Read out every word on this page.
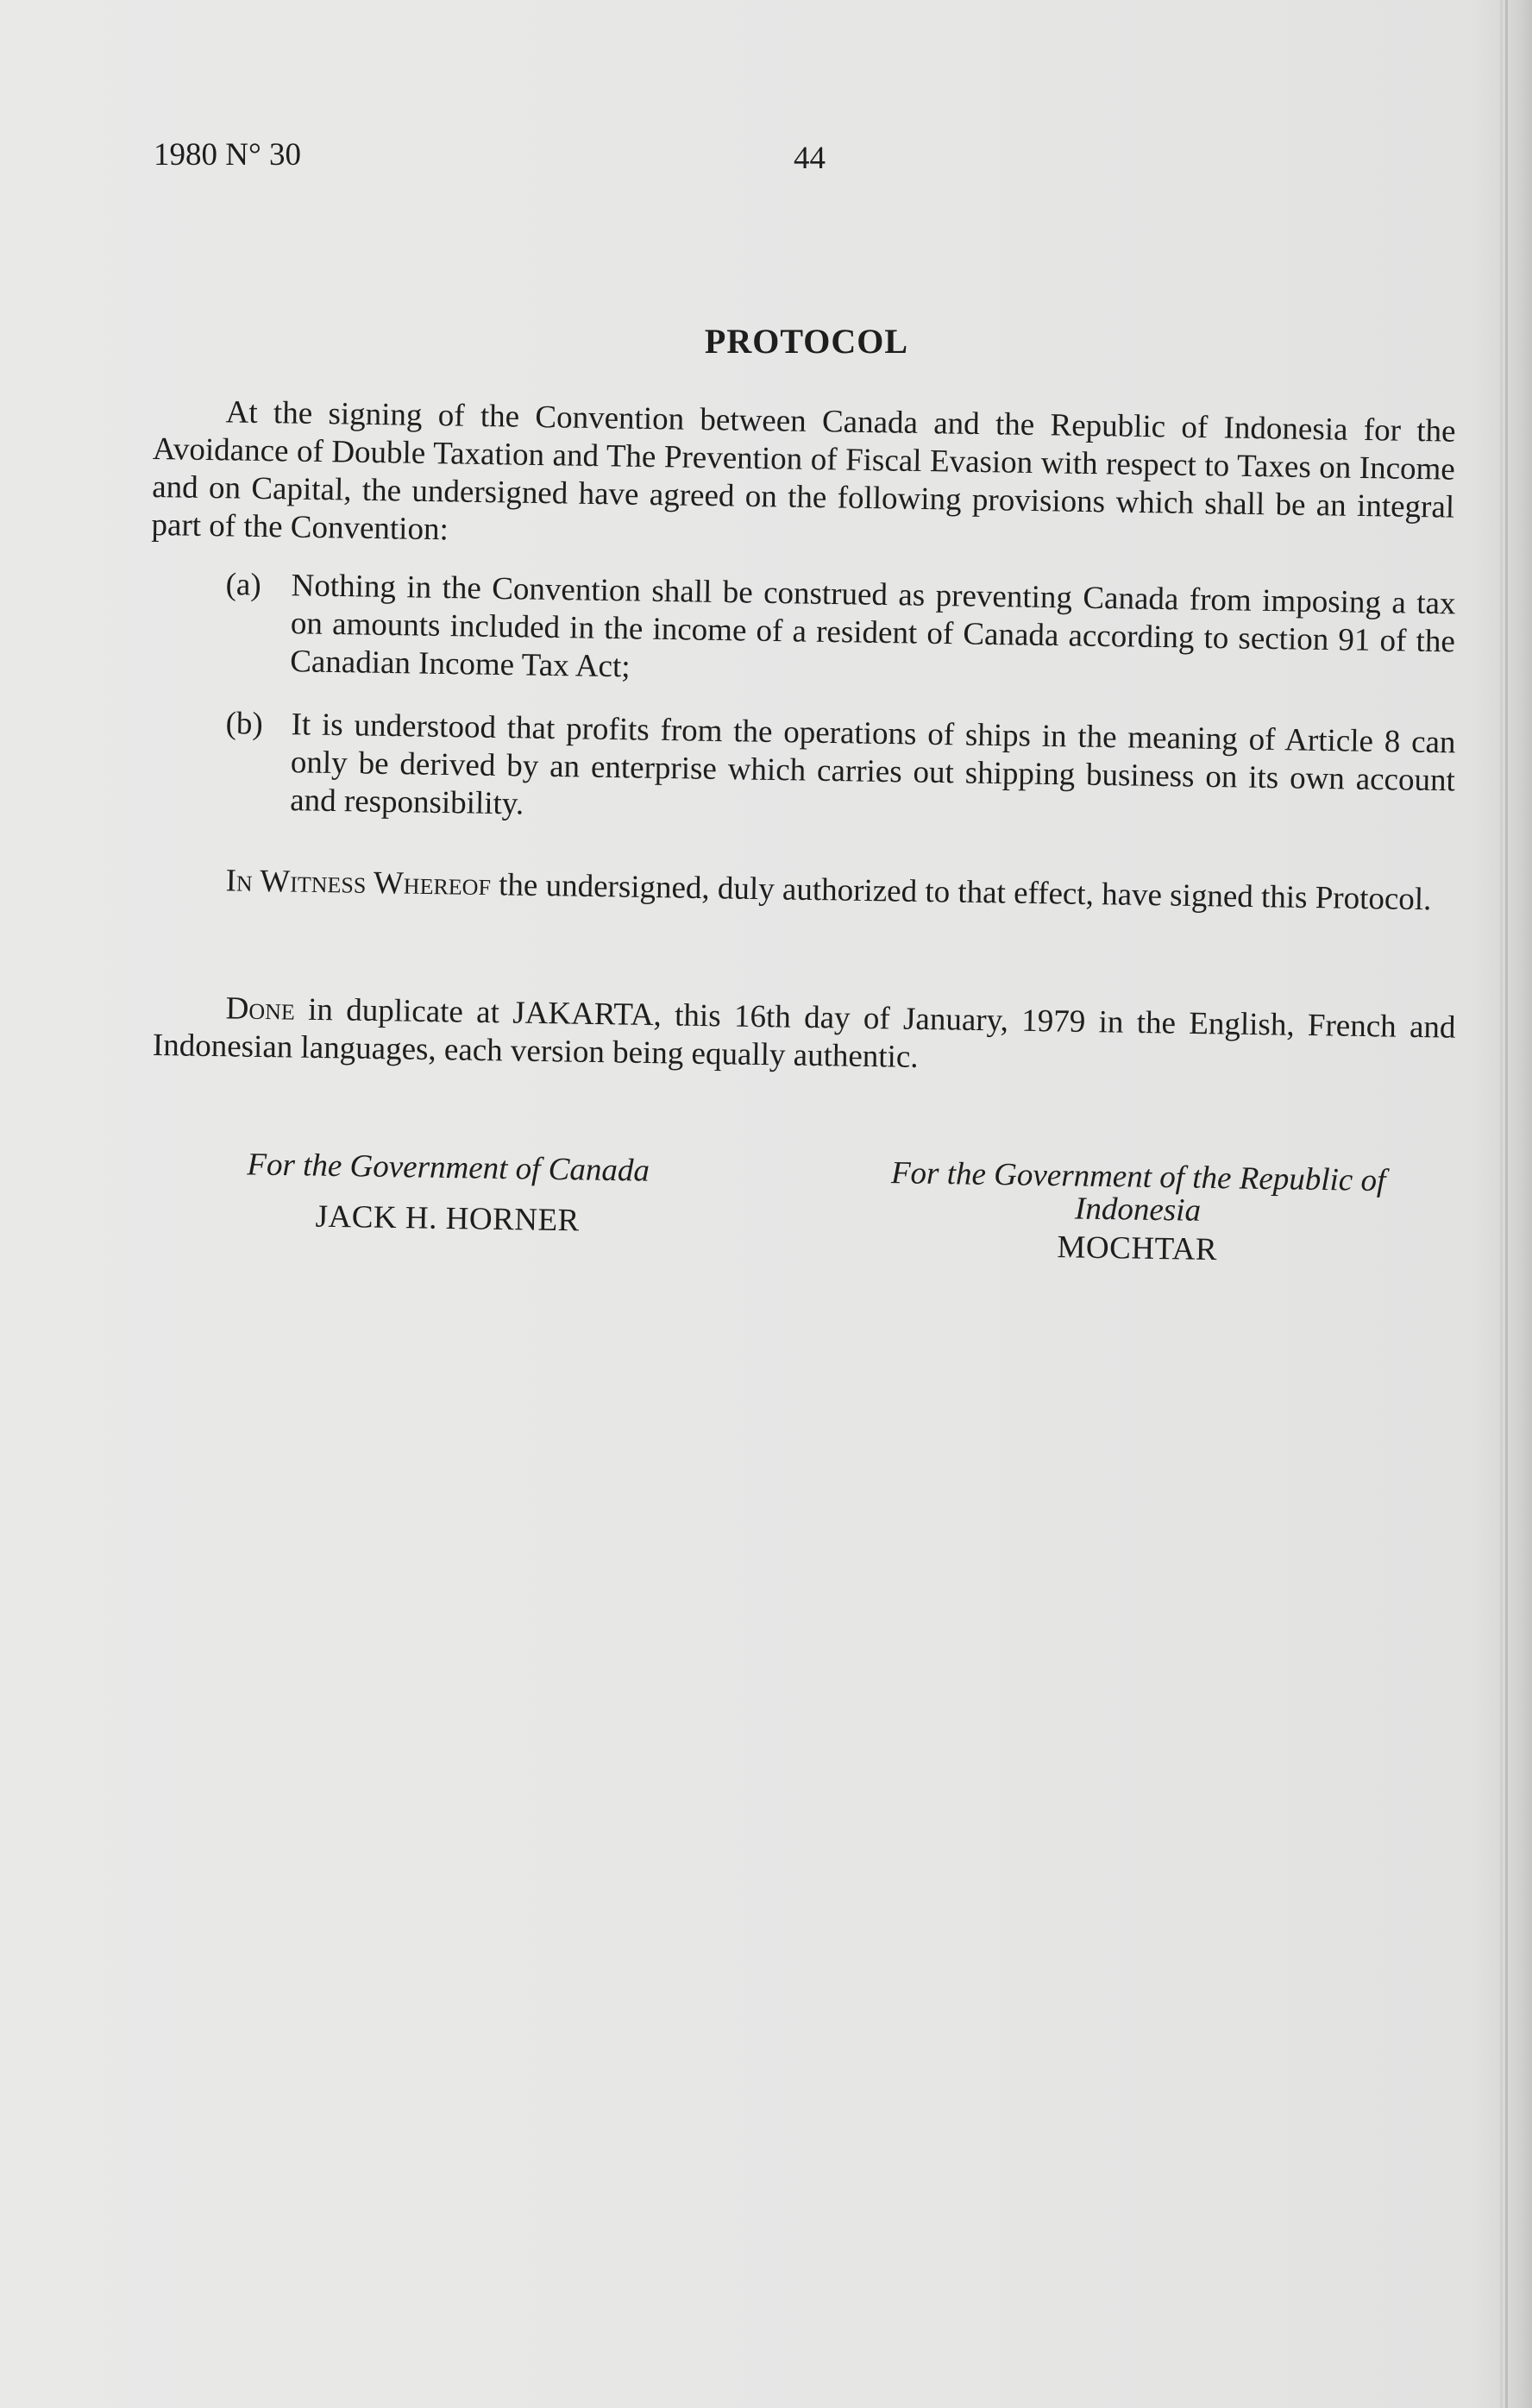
1980 N° 30	44
PROTOCOL
At the signing of the Convention between Canada and the Republic of Indonesia for the Avoidance of Double Taxation and The Prevention of Fiscal Evasion with respect to Taxes on Income and on Capital, the undersigned have agreed on the following provisions which shall be an integral part of the Convention:
(a) Nothing in the Convention shall be construed as preventing Canada from imposing a tax on amounts included in the income of a resident of Canada according to section 91 of the Canadian Income Tax Act;
(b) It is understood that profits from the operations of ships in the meaning of Article 8 can only be derived by an enterprise which carries out shipping business on its own account and responsibility.
In Witness Whereof the undersigned, duly authorized to that effect, have signed this Protocol.
Done in duplicate at JAKARTA, this 16th day of January, 1979 in the English, French and Indonesian languages, each version being equally authentic.
For the Government of Canada
JACK H. HORNER
For the Government of the Republic of Indonesia
MOCHTAR
